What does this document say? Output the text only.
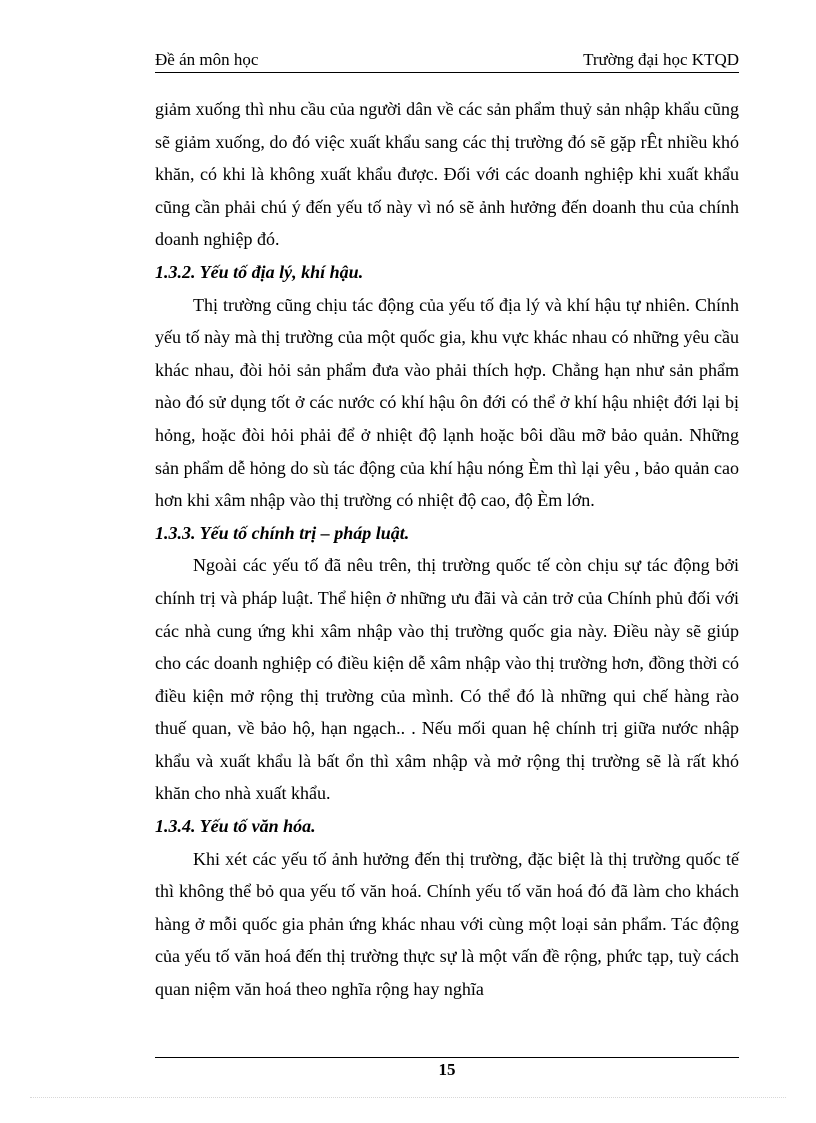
Đề án môn học	Trường đại học KTQD

giảm xuống thì nhu cầu của người dân về các sản phẩm thuỷ sản nhập khẩu cũng sẽ giảm xuống, do đó việc xuất khẩu sang các thị trường đó sẽ gặp rÊt nhiều khó khăn, có khi là không xuất khẩu được. Đối với các doanh nghiệp khi xuất khẩu cũng cần phải chú ý đến yếu tố này vì nó sẽ ảnh hưởng đến doanh thu của chính doanh nghiệp đó.

1.3.2. Yếu tố địa lý, khí hậu.

Thị trường cũng chịu tác động của yếu tố địa lý và khí hậu tự nhiên. Chính yếu tố này mà thị trường của một quốc gia, khu vực khác nhau có những yêu cầu khác nhau, đòi hỏi sản phẩm đưa vào phải thích hợp. Chẳng hạn như sản phẩm nào đó sử dụng tốt ở các nước có khí hậu ôn đới có thể ở khí hậu nhiệt đới lại bị hỏng, hoặc đòi hỏi phải để ở nhiệt độ lạnh hoặc bôi dầu mỡ bảo quản. Những sản phẩm dễ hỏng do sù tác động của khí hậu nóng Èm thì lại yêu , bảo quản cao hơn khi xâm nhập vào thị trường có nhiệt độ cao, độ Èm lớn.

1.3.3. Yếu tố chính trị – pháp luật.

Ngoài các yếu tố đã nêu trên, thị trường quốc tế còn chịu sự tác động bởi chính trị và pháp luật. Thể hiện ở những ưu đãi và cản trở của Chính phủ đối với các nhà cung ứng khi xâm nhập vào thị trường quốc gia này. Điều này sẽ giúp cho các doanh nghiệp có điều kiện dễ xâm nhập vào thị trường hơn, đồng thời có điều kiện mở rộng thị trường của mình. Có thể đó là những qui chế hàng rào thuế quan, về bảo hộ, hạn ngạch.. . Nếu mối quan hệ chính trị giữa nước nhập khẩu và xuất khẩu là bất ổn thì xâm nhập và mở rộng thị trường sẽ là rất khó khăn cho nhà xuất khẩu.

1.3.4. Yếu tố văn hóa.

Khi xét các yếu tố ảnh hưởng đến thị trường, đặc biệt là thị trường quốc tế thì không thể bỏ qua yếu tố văn hoá. Chính yếu tố văn hoá đó đã làm cho khách hàng ở mỗi quốc gia phản ứng khác nhau với cùng một loại sản phẩm. Tác động của yếu tố văn hoá đến thị trường thực sự là một vấn đề rộng, phức tạp, tuỳ cách quan niệm văn hoá theo nghĩa rộng hay nghĩa

15
